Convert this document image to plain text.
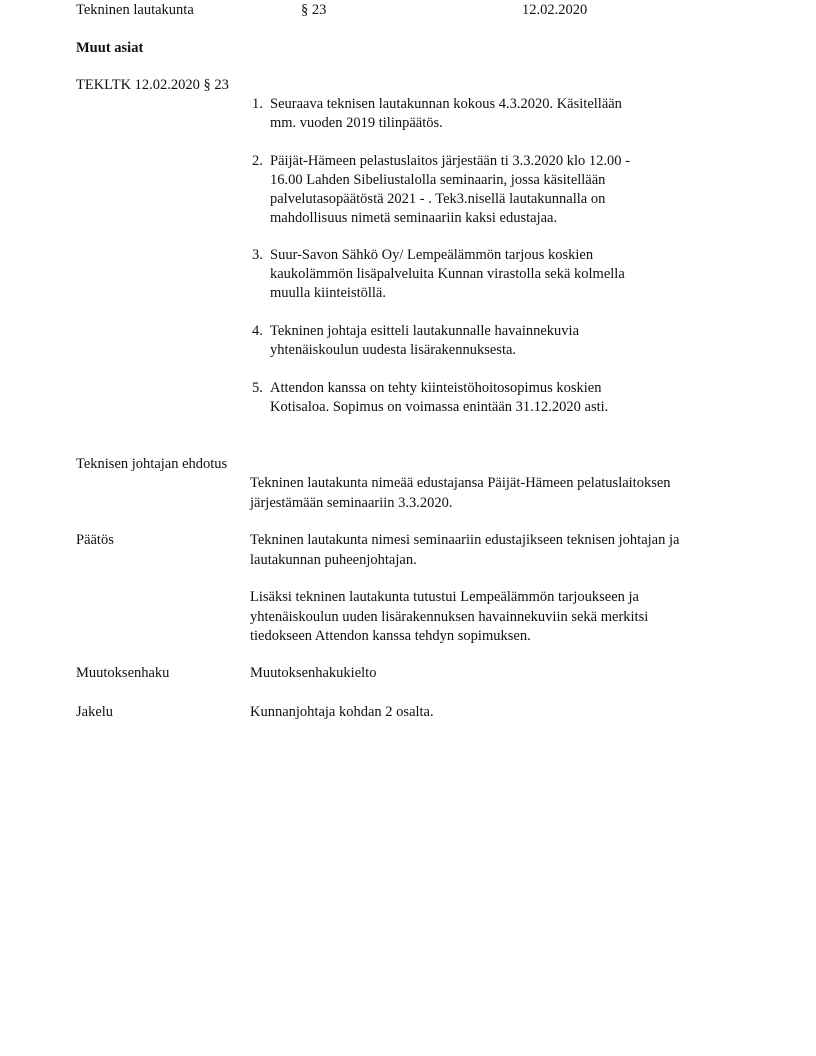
Tekninen lautakunta	§ 23	12.02.2020
Muut asiat
TEKLTK 12.02.2020 § 23
1. Seuraava teknisen lautakunnan kokous 4.3.2020. Käsitellään
mm. vuoden 2019 tilinpäätös.
2. Päijät-Hämeen pelastuslaitos järjestään ti 3.3.2020 klo 12.00 -
16.00 Lahden Sibeliustalolla seminaarin, jossa käsitellään
palvelutasopäätöstä 2021 - . Tek3.nisellä lautakunnalla on
mahdollisuus nimetä seminaariin kaksi edustajaa.
3. Suur-Savon Sähkö Oy/ Lempeälämmön tarjous koskien
kaukolämmön lisäpalveluita Kunnan virastolla sekä kolmella
muulla kiinteistöllä.
4. Tekninen johtaja esitteli lautakunnalle havainnekuvia
yhtenäiskoulun uudesta lisärakennuksesta.
5. Attendon kanssa on tehty kiinteistöhoitosopimus koskien
Kotisaloa. Sopimus on voimassa enintään 31.12.2020 asti.
Teknisen johtajan ehdotus
Tekninen lautakunta nimeää edustajansa Päijät-Hämeen pelatuslaitoksen
järjestämään seminaariin 3.3.2020.
Päätös	Tekninen lautakunta nimesi seminaariin edustajikseen teknisen johtajan ja
lautakunnan puheenjohtajan.
Lisäksi tekninen lautakunta tutustui Lempeälämmön tarjoukseen ja
yhtenäiskoulun uuden lisärakennuksen havainnekuviin sekä merkitsi
tiedokseen Attendon kanssa tehdyn sopimuksen.
Muutoksenhaku	Muutoksenhakukielto
Jakelu	Kunnanjohtaja kohdan 2 osalta.
